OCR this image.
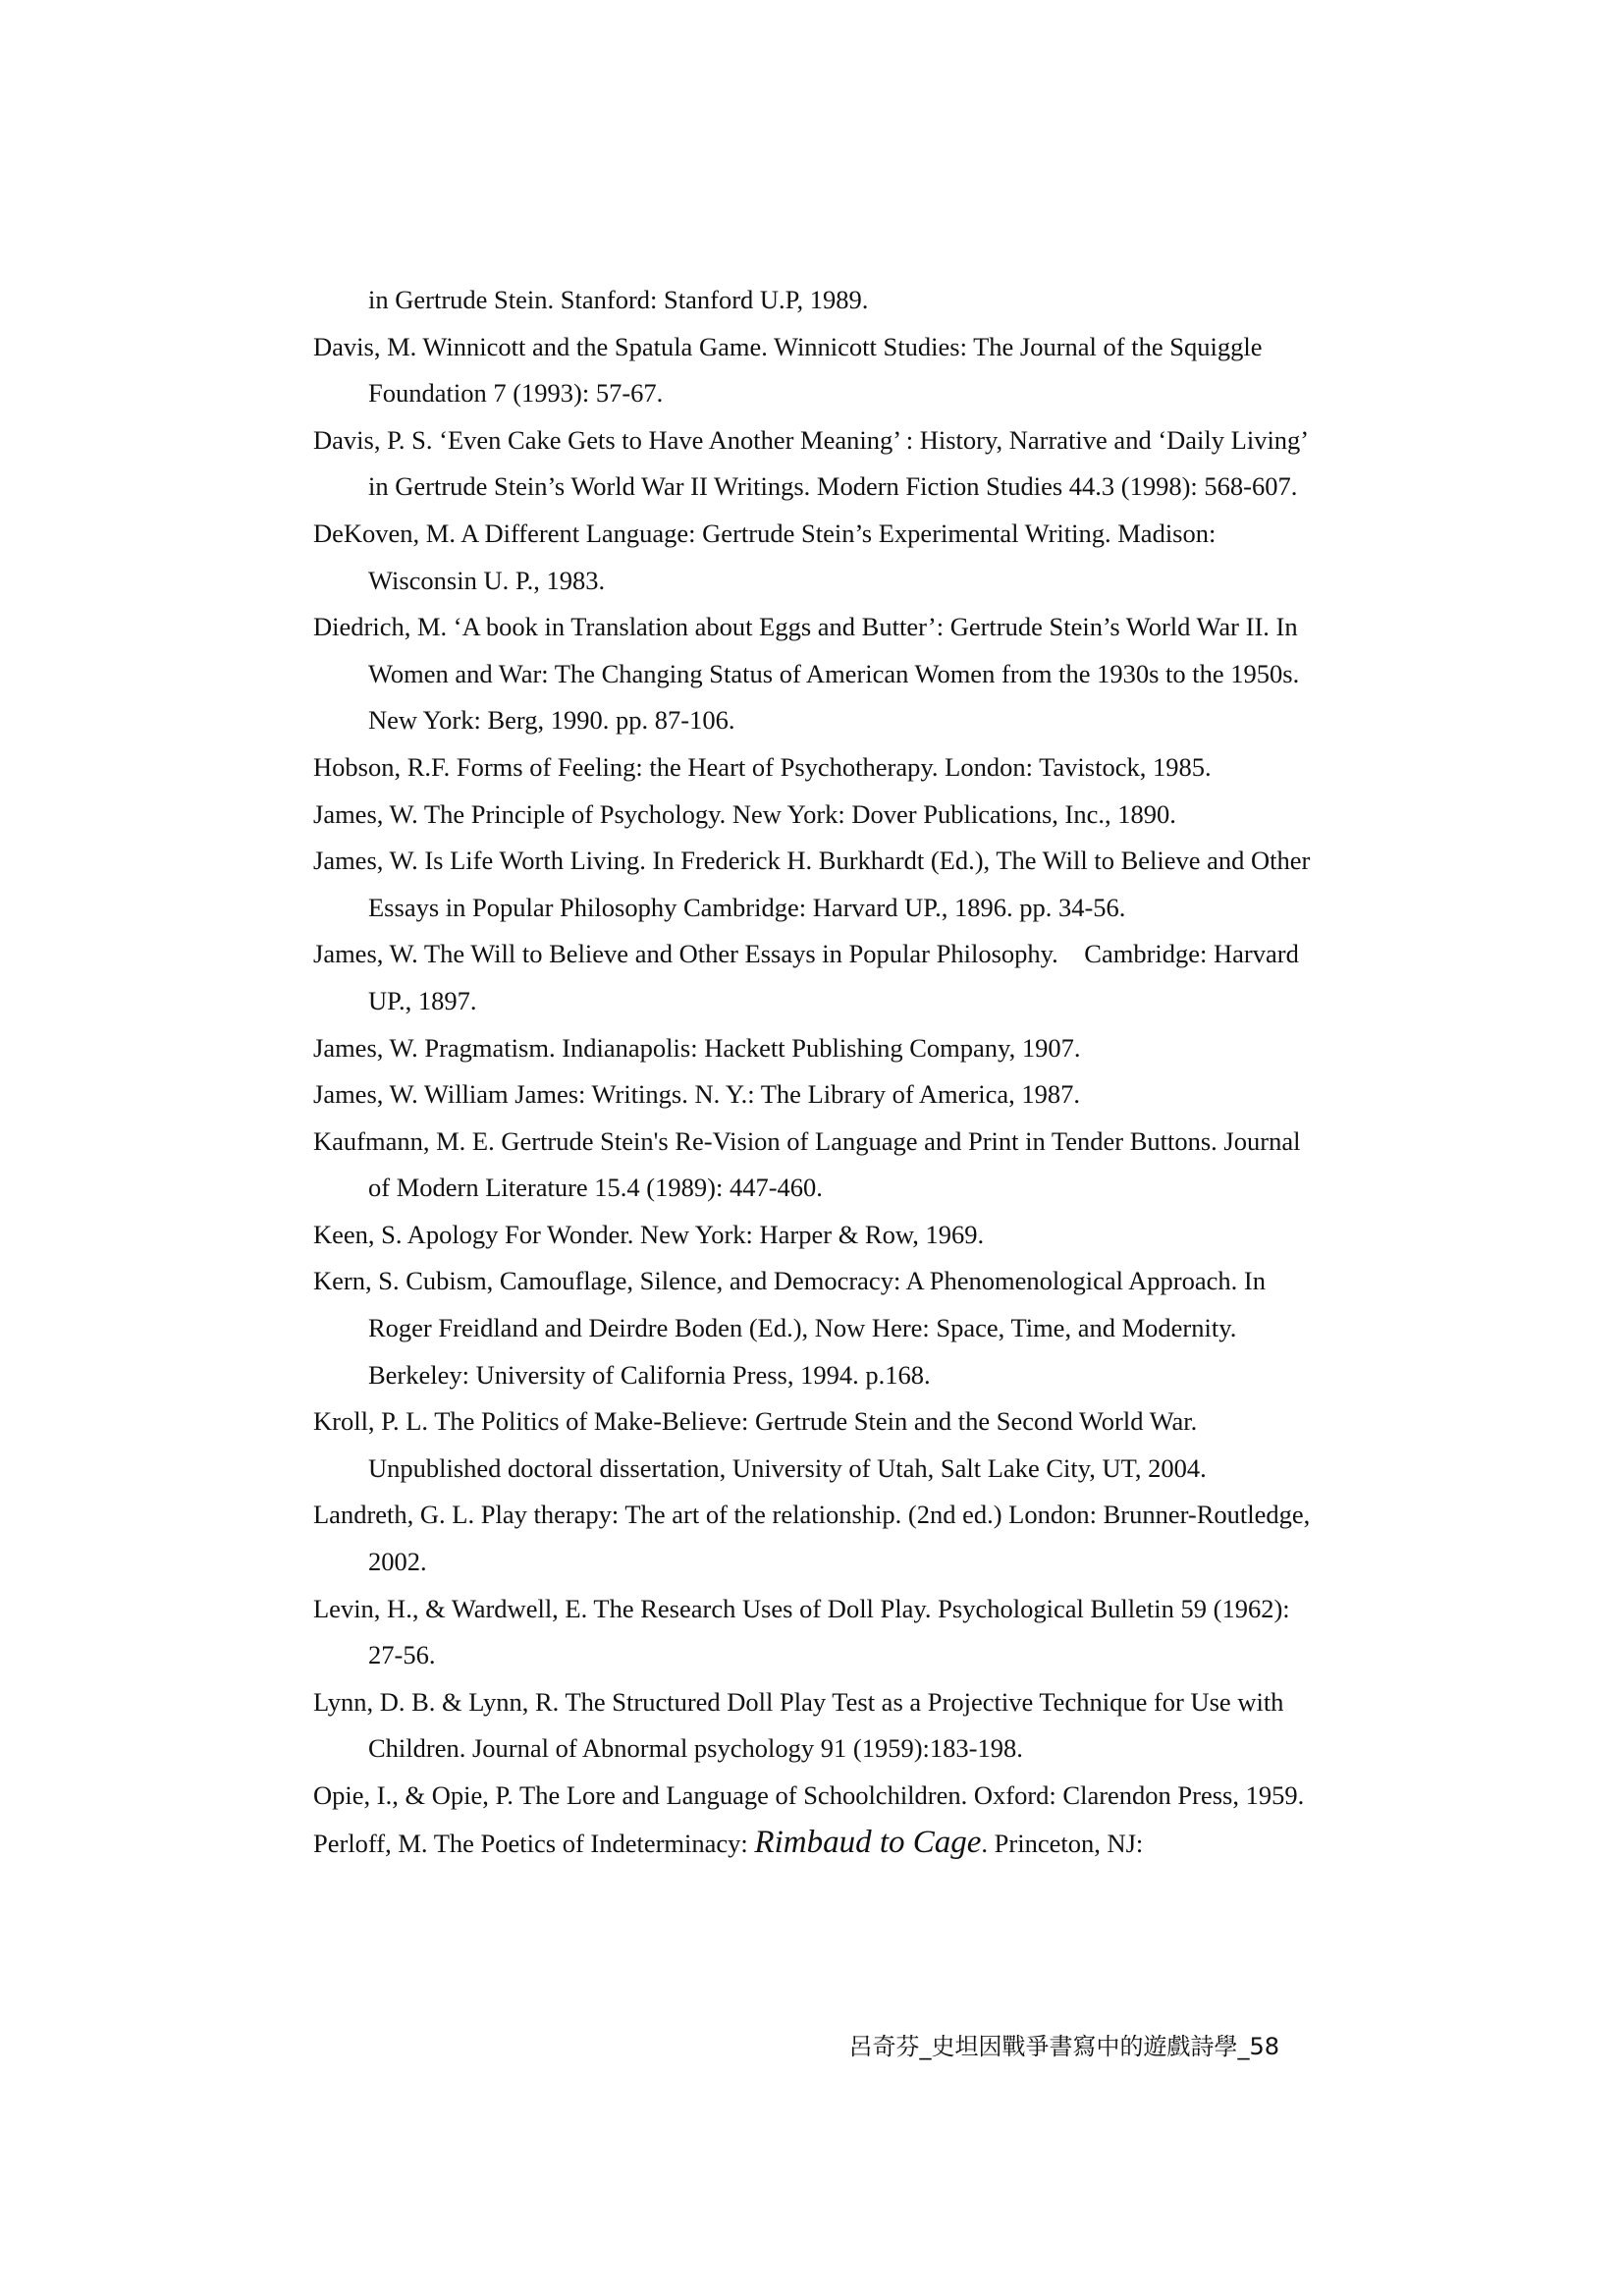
in Gertrude Stein. Stanford: Stanford U.P, 1989.

Davis, M. Winnicott and the Spatula Game. Winnicott Studies: The Journal of the Squiggle Foundation 7 (1993): 57-67.

Davis, P. S. ‘Even Cake Gets to Have Another Meaning’ : History, Narrative and ‘Daily Living’ in Gertrude Stein’s World War II Writings. Modern Fiction Studies 44.3 (1998): 568-607.

DeKoven, M. A Different Language: Gertrude Stein’s Experimental Writing. Madison: Wisconsin U. P., 1983.

Diedrich, M. ‘A book in Translation about Eggs and Butter’: Gertrude Stein’s World War II. In Women and War: The Changing Status of American Women from the 1930s to the 1950s. New York: Berg, 1990. pp. 87-106.

Hobson, R.F. Forms of Feeling: the Heart of Psychotherapy. London: Tavistock, 1985.

James, W. The Principle of Psychology. New York: Dover Publications, Inc., 1890.

James, W. Is Life Worth Living. In Frederick H. Burkhardt (Ed.), The Will to Believe and Other Essays in Popular Philosophy Cambridge: Harvard UP., 1896. pp. 34-56.

James, W. The Will to Believe and Other Essays in Popular Philosophy.    Cambridge: Harvard UP., 1897.

James, W. Pragmatism. Indianapolis: Hackett Publishing Company, 1907.

James, W. William James: Writings. N. Y.: The Library of America, 1987.

Kaufmann, M. E. Gertrude Stein's Re-Vision of Language and Print in Tender Buttons. Journal of Modern Literature 15.4 (1989): 447-460.

Keen, S. Apology For Wonder. New York: Harper & Row, 1969.

Kern, S. Cubism, Camouflage, Silence, and Democracy: A Phenomenological Approach. In Roger Freidland and Deirdre Boden (Ed.), Now Here: Space, Time, and Modernity. Berkeley: University of California Press, 1994. p.168.

Kroll, P. L. The Politics of Make-Believe: Gertrude Stein and the Second World War. Unpublished doctoral dissertation, University of Utah, Salt Lake City, UT, 2004.

Landreth, G. L. Play therapy: The art of the relationship. (2nd ed.) London: Brunner-Routledge, 2002.

Levin, H., & Wardwell, E. The Research Uses of Doll Play. Psychological Bulletin 59 (1962): 27-56.

Lynn, D. B. & Lynn, R. The Structured Doll Play Test as a Projective Technique for Use with Children. Journal of Abnormal psychology 91 (1959):183-198.

Opie, I., & Opie, P. The Lore and Language of Schoolchildren. Oxford: Clarendon Press, 1959.

Perloff, M. The Poetics of Indeterminacy: Rimbaud to Cage. Princeton, NJ:

呂奇芬_史坦因戰爭書寫中的遊戲詩學_58
